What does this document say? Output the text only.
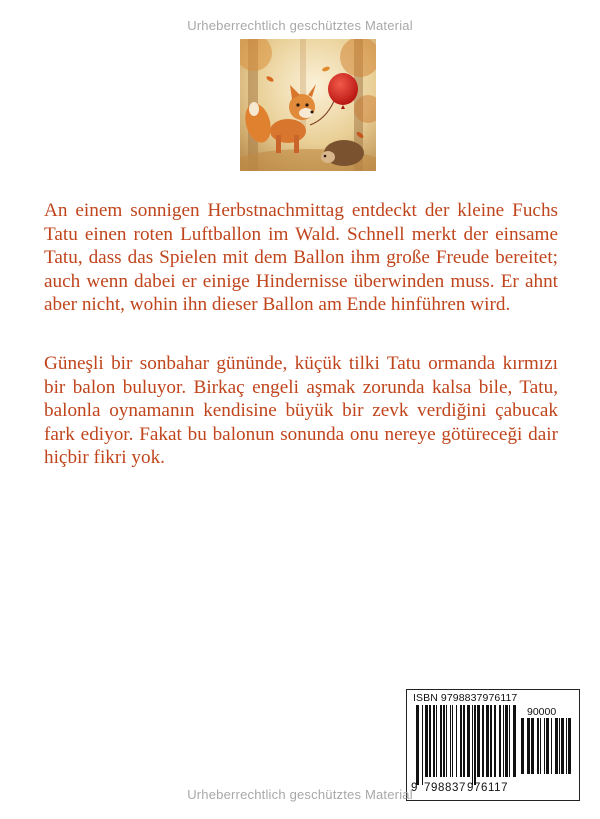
Urheberrechtlich geschütztes Material

An einem sonnigen Herbstnachmittag entdeckt der kleine Fuchs Tatu einen roten Luftballon im Wald. Schnell merkt der einsame Tatu, dass das Spielen mit dem Ballon ihm große Freude bereitet; auch wenn dabei er einige Hindernisse überwinden muss. Er ahnt aber nicht, wohin ihn dieser Ballon am Ende hinführen wird.

Güneşli bir sonbahar gününde, küçük tilki Tatu ormanda kırmızı bir balon buluyor. Birkaç engeli aşmak zorunda kalsa bile, Tatu, balonla oynamanın kendisine büyük bir zevk verdiğini çabucak fark ediyor. Fakat bu balonun sonunda onu nereye götüreceği dair hiçbir fikri yok.

ISBN 9798837976117
90000
9 798837 976117
Urheberrechtlich geschütztes Material
